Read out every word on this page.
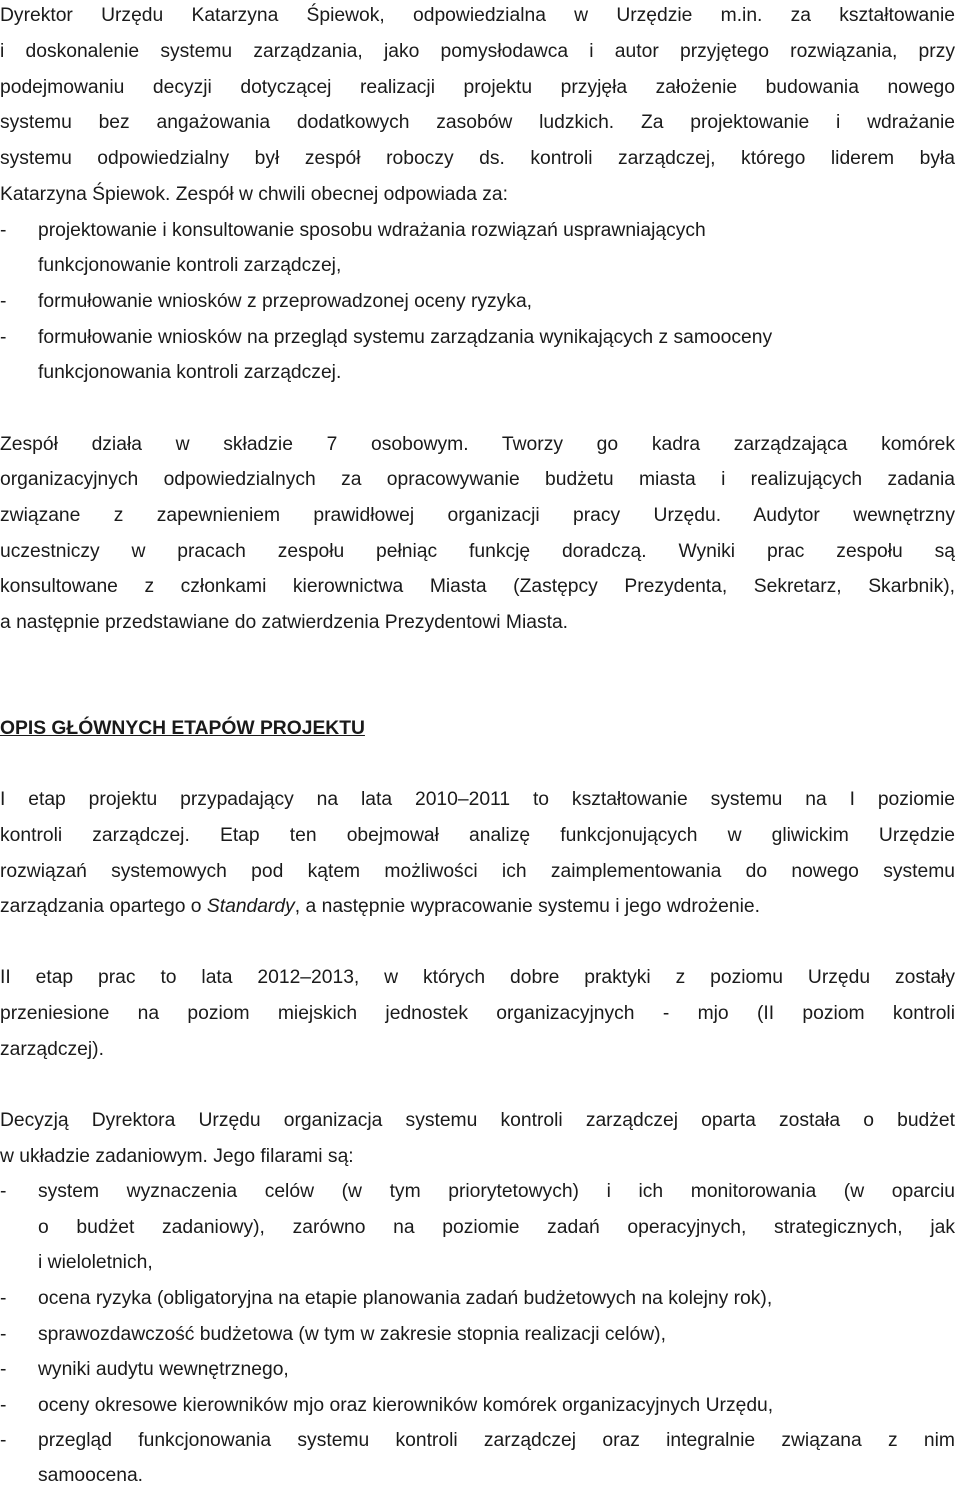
Dyrektor Urzędu Katarzyna Śpiewok, odpowiedzialna w Urzędzie m.in. za kształtowanie
i doskonalenie systemu zarządzania, jako pomysłodawca i autor przyjętego rozwiązania, przy
podejmowaniu decyzji dotyczącej realizacji projektu przyjęła założenie budowania nowego
systemu bez angażowania dodatkowych zasobów ludzkich. Za projektowanie i wdrażanie
systemu odpowiedzialny był zespół roboczy ds. kontroli zarządczej, którego liderem była
Katarzyna Śpiewok. Zespół w chwili obecnej odpowiada za:
-	projektowanie i konsultowanie sposobu wdrażania rozwiązań usprawniających
funkcjonowanie kontroli zarządczej,
-	formułowanie wniosków z przeprowadzonej oceny ryzyka,
-	formułowanie wniosków na przegląd systemu zarządzania wynikających z samooceny
funkcjonowania kontroli zarządczej.
Zespół działa w składzie 7 osobowym. Tworzy go kadra zarządzająca komórek
organizacyjnych odpowiedzialnych za opracowywanie budżetu miasta i realizujących zadania
związane z zapewnieniem prawidłowej organizacji pracy Urzędu. Audytor wewnętrzny
uczestniczy w pracach zespołu pełniąc funkcję doradczą. Wyniki prac zespołu są
konsultowane z członkami kierownictwa Miasta (Zastępcy Prezydenta, Sekretarz, Skarbnik),
a następnie przedstawiane do zatwierdzenia Prezydentowi Miasta.
OPIS GŁÓWNYCH ETAPÓW PROJEKTU
I etap projektu przypadający na lata 2010–2011 to kształtowanie systemu na I poziomie
kontroli zarządczej. Etap ten obejmował analizę funkcjonujących w gliwickim Urzędzie
rozwiązań systemowych pod kątem możliwości ich zaimplementowania do nowego systemu
zarządzania opartego o Standardy, a następnie wypracowanie systemu i jego wdrożenie.
II etap prac to lata 2012–2013, w których dobre praktyki z poziomu Urzędu zostały
przeniesione na poziom miejskich jednostek organizacyjnych - mjo (II poziom kontroli
zarządczej).
Decyzją Dyrektora Urzędu organizacja systemu kontroli zarządczej oparta została o budżet
w układzie zadaniowym. Jego filarami są:
-	system wyznaczenia celów (w tym priorytetowych) i ich monitorowania (w oparciu
o budżet zadaniowy), zarówno na poziomie zadań operacyjnych, strategicznych, jak
i wieloletnich,
-	ocena ryzyka (obligatoryjna na etapie planowania zadań budżetowych na kolejny rok),
-	sprawozdawczość budżetowa (w tym w zakresie stopnia realizacji celów),
-	wyniki audytu wewnętrznego,
-	oceny okresowe kierowników mjo oraz kierowników komórek organizacyjnych Urzędu,
-	przegląd funkcjonowania systemu kontroli zarządczej oraz integralnie związana z nim
samoocena.
